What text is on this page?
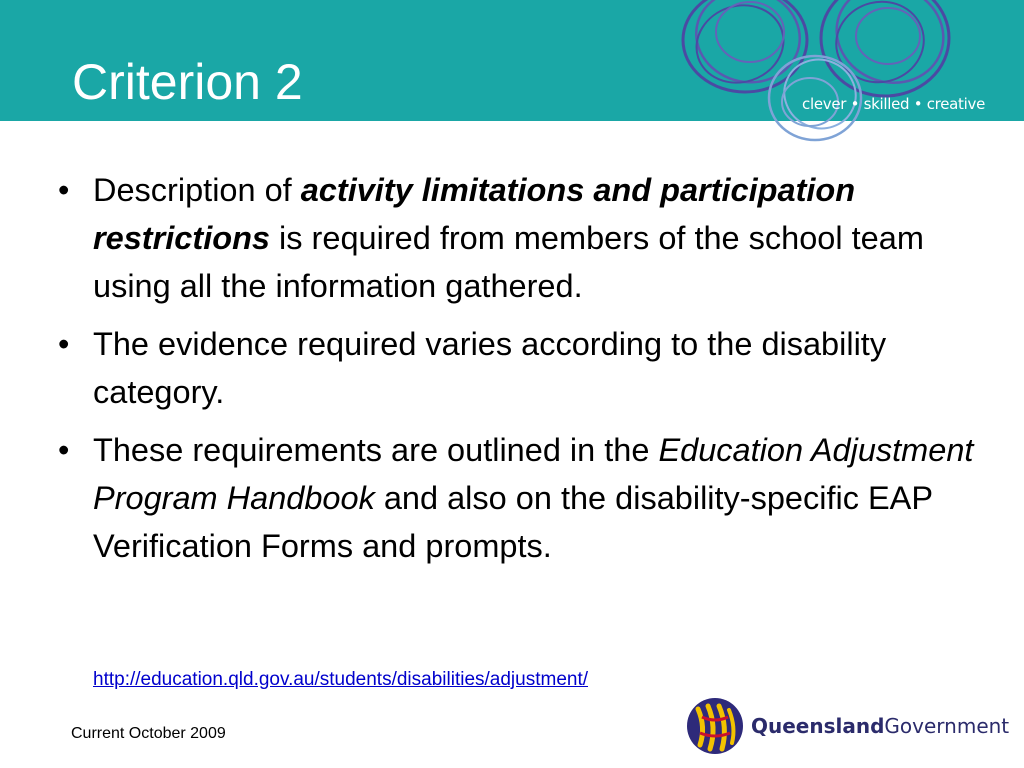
Criterion 2	clever • skilled • creative
• Description of activity limitations and participation restrictions is required from members of the school team using all the information gathered.
• The evidence required varies according to the disability category.
• These requirements are outlined in the Education Adjustment Program Handbook and also on the disability-specific EAP Verification Forms and prompts.
http://education.qld.gov.au/students/disabilities/adjustment/
Current October 2009	QueenslandGovernment
